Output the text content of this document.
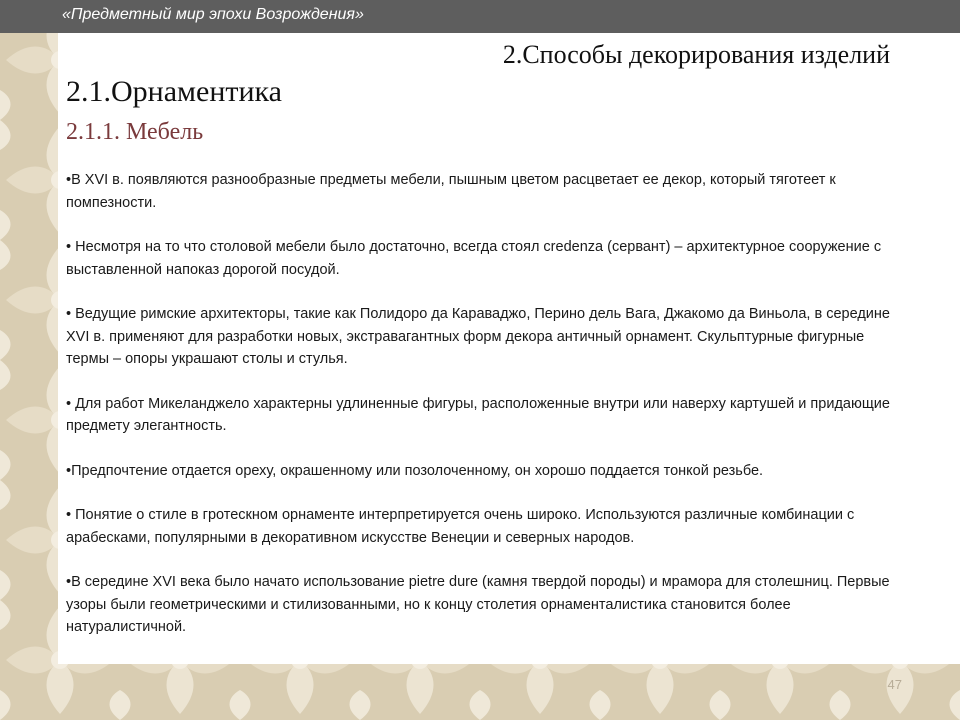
«Предметный мир эпохи Возрождения»
2.Способы декорирования изделий
2.1.Орнаментика
2.1.1. Мебель
•В XVI в. появляются разнообразные предметы мебели, пышным цветом расцветает ее декор, который тяготеет к помпезности.
• Несмотря на то что столовой мебели было достаточно, всегда стоял credenza (сервант) – архитектурное сооружение с выставленной напоказ дорогой посудой.
• Ведущие римские архитекторы, такие как Полидоро да Караваджо, Перино дель Вага, Джакомо да Виньола, в середине XVI в. применяют для разработки новых, экстравагантных форм декора античный орнамент. Скульптурные фигурные термы – опоры украшают столы и стулья.
• Для работ Микеланджело характерны удлиненные фигуры, расположенные внутри или наверху картушей и придающие предмету элегантность.
•Предпочтение отдается ореху, окрашенному или позолоченному, он хорошо поддается тонкой резьбе.
• Понятие о стиле в гротескном орнаменте интерпретируется очень широко. Используются различные комбинации с арабесками, популярными в декоративном искусстве Венеции и северных народов.
•В середине XVI века было начато использование pietre dure (камня твердой породы) и мрамора для столешниц. Первые узоры были геометрическими и стилизованными, но к концу столетия орнаменталистика становится более натуралистичной.
47
